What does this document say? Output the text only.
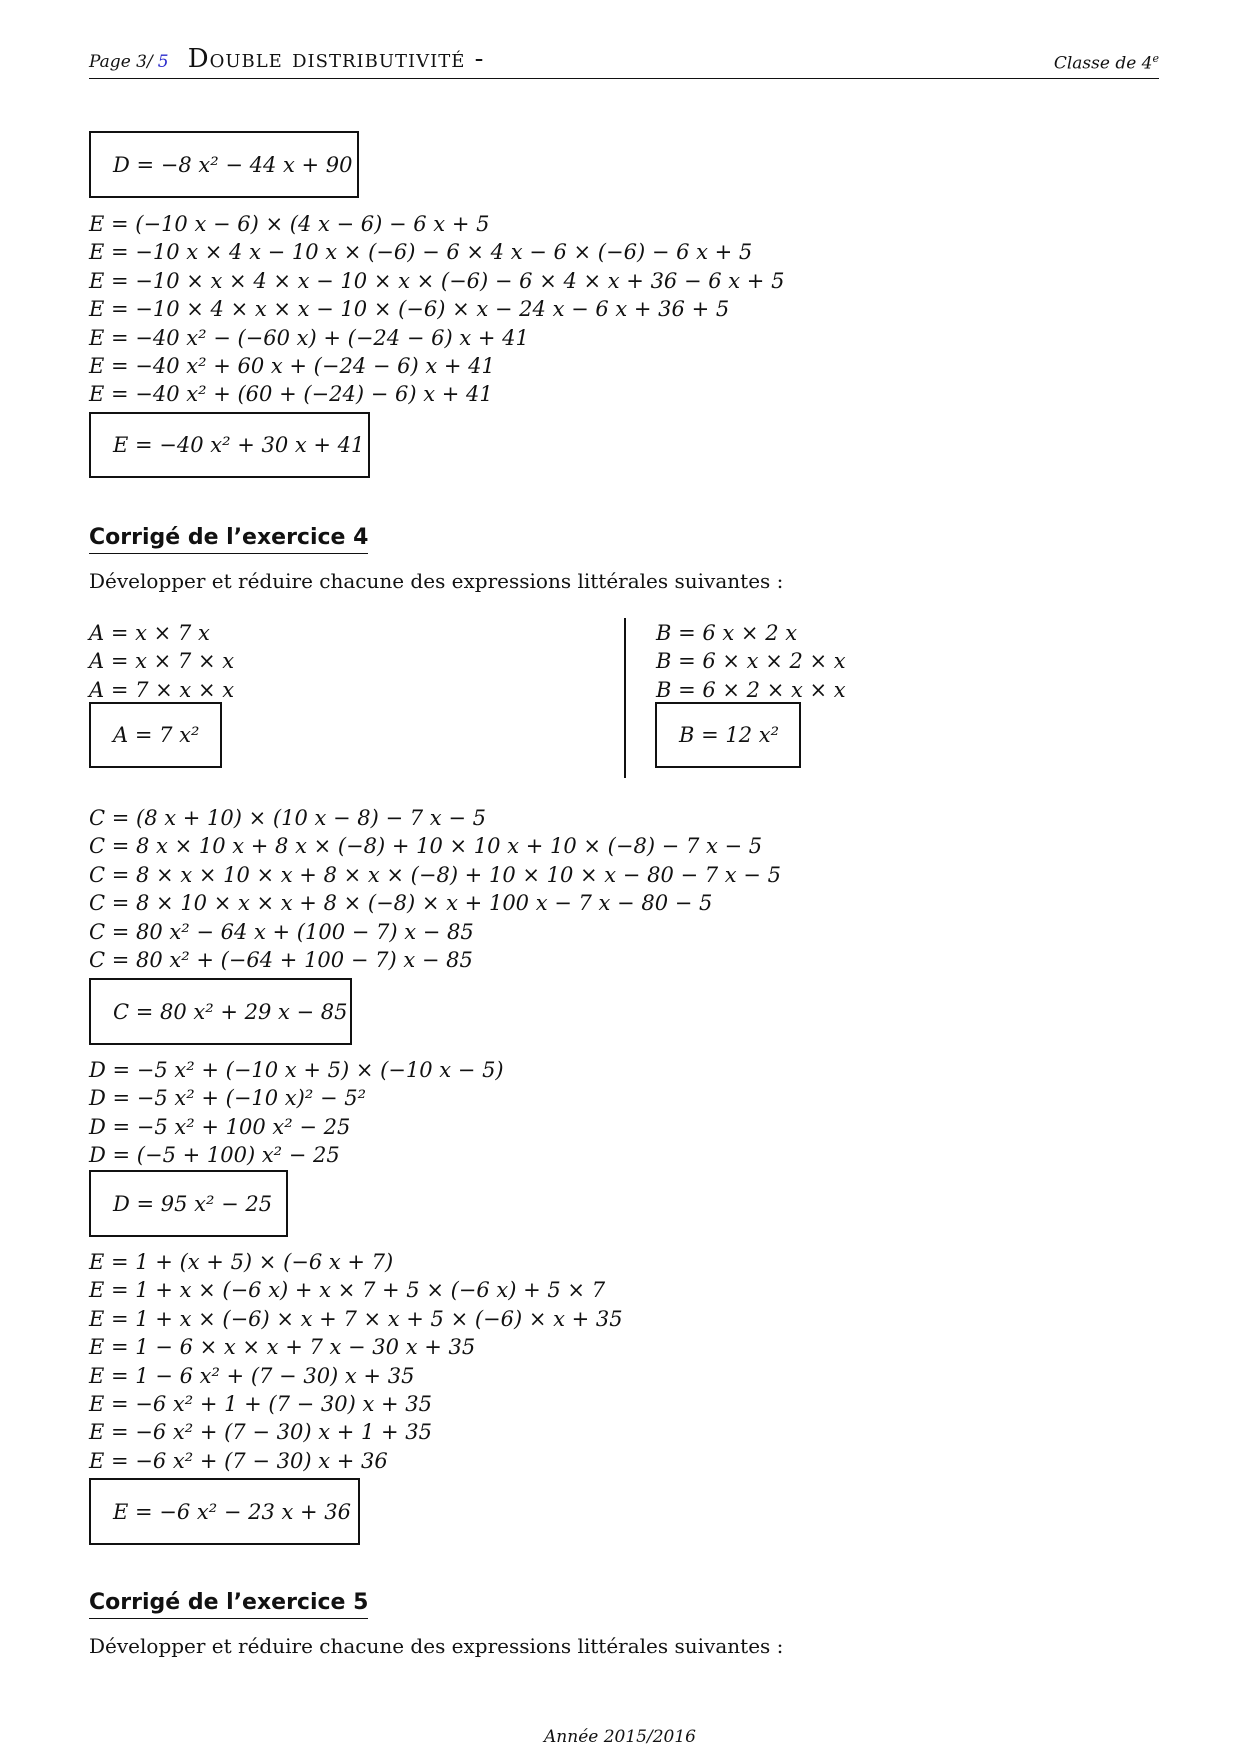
Page 3/ 5 Double distributivité -	Classe de 4e
D = −8 x² − 44 x + 90
E = (−10 x − 6) × (4 x − 6) − 6 x + 5
E = −10 x × 4 x − 10 x × (−6) − 6 × 4 x − 6 × (−6) − 6 x + 5
E = −10 × x × 4 × x − 10 × x × (−6) − 6 × 4 × x + 36 − 6 x + 5
E = −10 × 4 × x × x − 10 × (−6) × x − 24 x − 6 x + 36 + 5
E = −40 x² − (−60 x) + (−24 − 6) x + 41
E = −40 x² + 60 x + (−24 − 6) x + 41
E = −40 x² + (60 + (−24) − 6) x + 41
E = −40 x² + 30 x + 41
Corrigé de l’exercice 4
Développer et réduire chacune des expressions littérales suivantes :
A = x × 7 x
A = x × 7 × x
A = 7 × x × x
A = 7 x²
B = 6 x × 2 x
B = 6 × x × 2 × x
B = 6 × 2 × x × x
B = 12 x²
C = (8 x + 10) × (10 x − 8) − 7 x − 5
C = 8 x × 10 x + 8 x × (−8) + 10 × 10 x + 10 × (−8) − 7 x − 5
C = 8 × x × 10 × x + 8 × x × (−8) + 10 × 10 × x − 80 − 7 x − 5
C = 8 × 10 × x × x + 8 × (−8) × x + 100 x − 7 x − 80 − 5
C = 80 x² − 64 x + (100 − 7) x − 85
C = 80 x² + (−64 + 100 − 7) x − 85
C = 80 x² + 29 x − 85
D = −5 x² + (−10 x + 5) × (−10 x − 5)
D = −5 x² + (−10 x)² − 5²
D = −5 x² + 100 x² − 25
D = (−5 + 100) x² − 25
D = 95 x² − 25
E = 1 + (x + 5) × (−6 x + 7)
E = 1 + x × (−6 x) + x × 7 + 5 × (−6 x) + 5 × 7
E = 1 + x × (−6) × x + 7 × x + 5 × (−6) × x + 35
E = 1 − 6 × x × x + 7 x − 30 x + 35
E = 1 − 6 x² + (7 − 30) x + 35
E = −6 x² + 1 + (7 − 30) x + 35
E = −6 x² + (7 − 30) x + 1 + 35
E = −6 x² + (7 − 30) x + 36
E = −6 x² − 23 x + 36
Corrigé de l’exercice 5
Développer et réduire chacune des expressions littérales suivantes :
Année 2015/2016
